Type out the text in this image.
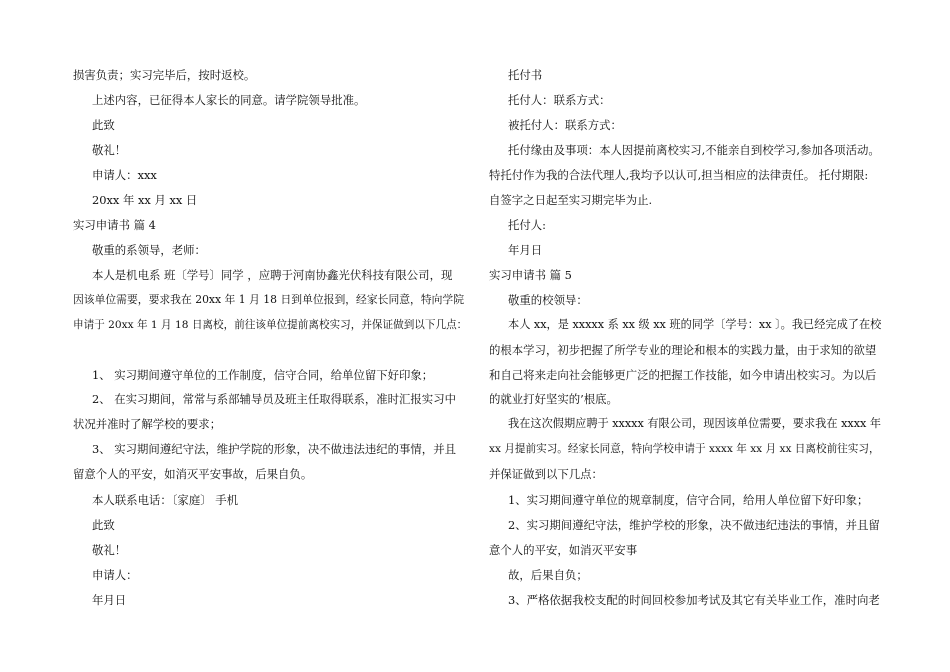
损害负责；实习完毕后，按时返校。
上述内容，已征得本人家长的同意。请学院领导批准。
此致
敬礼！
申请人：xxx
20xx 年 xx 月 xx 日
实习申请书 篇 4
敬重的系领导，老师：
本人是机电系 班〔学号〕同学 ，应聘于河南协鑫光伏科技有限公司，现
因该单位需要，要求我在 20xx 年 1 月 18 日到单位报到，经家长同意，特向学院
申请于 20xx 年 1 月 18 日离校，前往该单位提前离校实习，并保证做到以下几点：
1、 实习期间遵守单位的工作制度，信守合同，给单位留下好印象；
2、 在实习期间，常常与系部辅导员及班主任取得联系，准时汇报实习中
状况并准时了解学校的要求；
3、 实习期间遵纪守法，维护学院的形象，决不做违法违纪的事情，并且
留意个人的平安，如消灭平安事故，后果自负。
本人联系电话：〔家庭〕 手机
此致
敬礼！
申请人：
年月日
托付书
托付人：联系方式：
被托付人：联系方式：
托付缘由及事项：本人因提前离校实习,不能亲自到校学习,参加各项活动。
特托付作为我的合法代理人,我均予以认可,担当相应的法律责任。 托付期限:
自签字之日起至实习期完毕为止.
托付人:
年月日
实习申请书 篇 5
敬重的校领导：
本人 xx，是 xxxxx 系 xx 级 xx 班的同学〔学号：xx 〕。我已经完成了在校
的根本学习，初步把握了所学专业的理论和根本的实践力量，由于求知的欲望
和自己将来走向社会能够更广泛的把握工作技能，如今申请出校实习。为以后
的就业打好坚实的’根底。
我在这次假期应聘于 xxxxx 有限公司，现因该单位需要，要求我在 xxxx 年
xx 月提前实习。经家长同意，特向学校申请于 xxxx 年 xx 月 xx 日离校前往实习，
并保证做到以下几点：
1、实习期间遵守单位的规章制度，信守合同，给用人单位留下好印象；
2、实习期间遵纪守法，维护学校的形象，决不做违纪违法的事情，并且留
意个人的平安，如消灭平安事
故，后果自负；
3、严格依据我校支配的时间回校参加考试及其它有关毕业工作，准时向老
